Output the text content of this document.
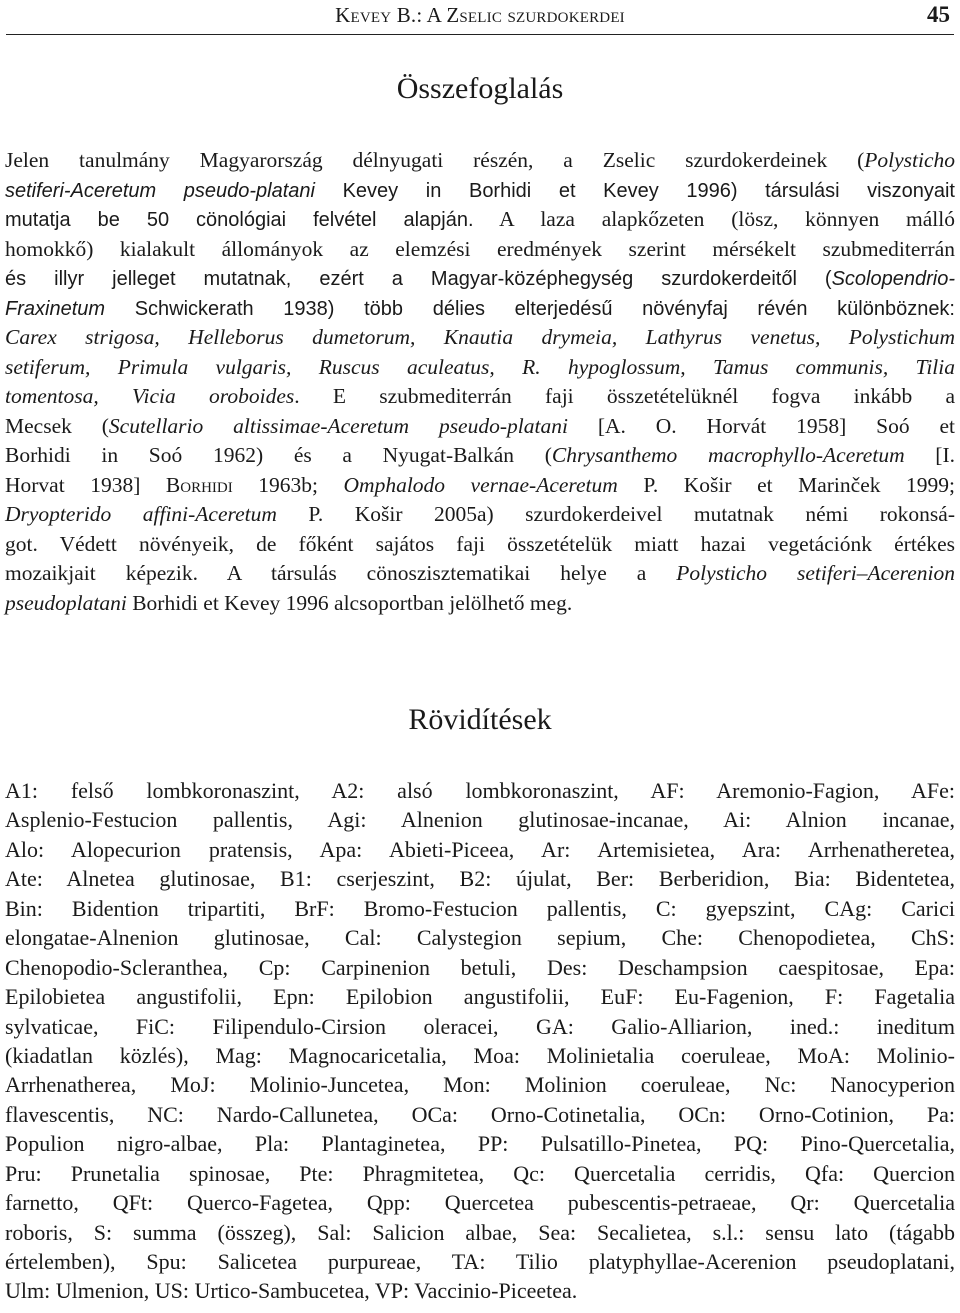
Kevey B.: A Zselic szurdokerdei	45
Összefoglalás
Jelen tanulmány Magyarország délnyugati részén, a Zselic szurdokerdeinek (Polysticho
setiferi-Aceretum pseudo-platani Kevey in Borhidi et Kevey 1996) társulási viszonyait
mutatja be 50 cönológiai felvétel alapján. A laza alapkőzeten (lösz, könnyen málló
homokkő) kialakult állományok az elemzési eredmények szerint mérsékelt szubmediterrán
és illyr jelleget mutatnak, ezért a Magyar-középhegység szurdokerdeitől (Scolopendrio-
Fraxinetum Schwickerath 1938) több délies elterjedésű növényfaj révén különböznek:
Carex strigosa, Helleborus dumetorum, Knautia drymeia, Lathyrus venetus, Polystichum
setiferum, Primula vulgaris, Ruscus aculeatus, R. hypoglossum, Tamus communis, Tilia
tomentosa, Vicia oroboides. E szubmediterrán faji összetételüknél fogva inkább a
Mecsek (Scutellario altissimae-Aceretum pseudo-platani [A. O. Horvát 1958] Soó et
Borhidi in Soó 1962) és a Nyugat-Balkán (Chrysanthemo macrophyllo-Aceretum [I.
Horvat 1938] Borhidi 1963b; Omphalodo vernae-Aceretum P. Košir et Marinček 1999;
Dryopterido affini-Aceretum P. Košir 2005a) szurdokerdeivel mutatnak némi rokonsá-
got. Védett növényeik, de főként sajátos faji összetételük miatt hazai vegetációnk értékes
mozaikjait képezik. A társulás cönoszisztematikai helye a Polysticho setiferi–Acerenion
pseudoplatani Borhidi et Kevey 1996 alcsoportban jelölhető meg.
Rövidítések
A1: felső lombkoronaszint, A2: alsó lombkoronaszint, AF: Aremonio-Fagion, AFe:
Asplenio-Festucion pallentis, Agi: Alnenion glutinosae-incanae, Ai: Alnion incanae,
Alo: Alopecurion pratensis, Apa: Abieti-Piceea, Ar: Artemisietea, Ara: Arrhenatheretea,
Ate: Alnetea glutinosae, B1: cserjeszint, B2: újulat, Ber: Berberidion, Bia: Bidentetea,
Bin: Bidention tripartiti, BrF: Bromo-Festucion pallentis, C: gyepszint, CAg: Carici
elongatae-Alnenion glutinosae, Cal: Calystegion sepium, Che: Chenopodietea, ChS:
Chenopodio-Scleranthea, Cp: Carpinenion betuli, Des: Deschampsion caespitosae, Epa:
Epilobietea angustifolii, Epn: Epilobion angustifolii, EuF: Eu-Fagenion, F: Fagetalia
sylvaticae, FiC: Filipendulo-Cirsion oleracei, GA: Galio-Alliarion, ined.: ineditum
(kiadatlan közlés), Mag: Magnocaricetalia, Moa: Molinietalia coeruleae, MoA: Molinio-
Arrhenatherea, MoJ: Molinio-Juncetea, Mon: Molinion coeruleae, Nc: Nanocyperion
flavescentis, NC: Nardo-Callunetea, OCa: Orno-Cotinetalia, OCn: Orno-Cotinion, Pa:
Populion nigro-albae, Pla: Plantaginetea, PP: Pulsatillo-Pinetea, PQ: Pino-Quercetalia,
Pru: Prunetalia spinosae, Pte: Phragmitetea, Qc: Quercetalia cerridis, Qfa: Quercion
farnetto, QFt: Querco-Fagetea, Qpp: Quercetea pubescentis-petraeae, Qr: Quercetalia
roboris, S: summa (összeg), Sal: Salicion albae, Sea: Secalietea, s.l.: sensu lato (tágabb
értelemben), Spu: Salicetea purpureae, TA: Tilio platyphyllae-Acerenion pseudoplatani,
Ulm: Ulmenion, US: Urtico-Sambucetea, VP: Vaccinio-Piceetea.
